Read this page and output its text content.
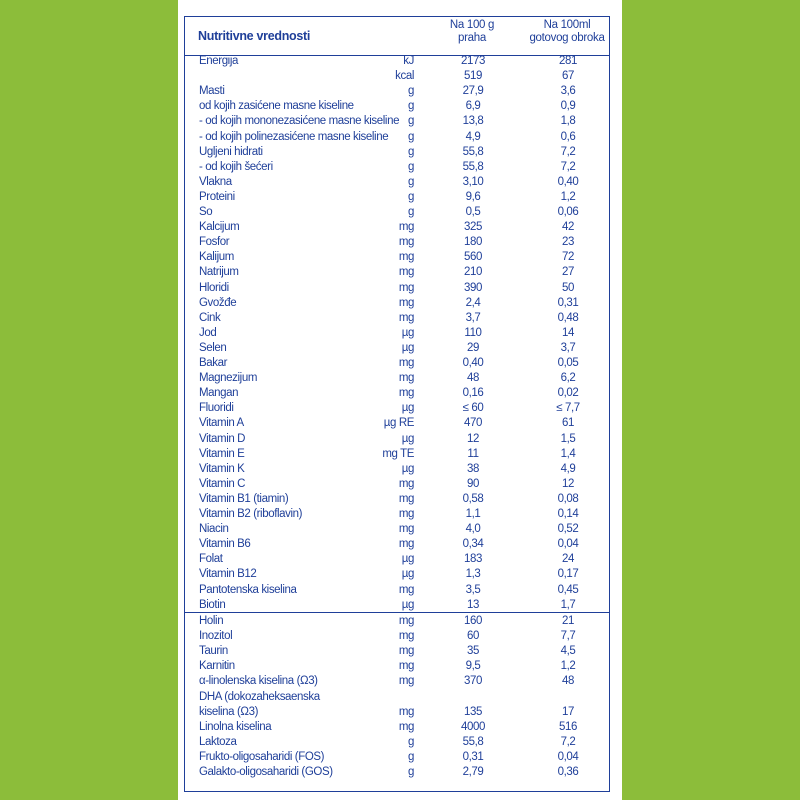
Nutritivne vrednosti
Na 100 g
praha
Na 100ml
gotovog obroka
Energija	kJ	2173	281
kcal	519	67
Masti	g	27,9	3,6
od kojih zasićene masne kiseline	g	6,9	0,9
- od kojih mononezasićene masne kiseline g	13,8	1,8
- od kojih polinezasićene masne kiseline g	4,9	0,6
Ugljeni hidrati	g	55,8	7,2
- od kojih šećeri	g	55,8	7,2
Vlakna	g	3,10	0,40
Proteini	g	9,6	1,2
So	g	0,5	0,06
Kalcijum	mg	325	42
Fosfor	mg	180	23
Kalijum	mg	560	72
Natrijum	mg	210	27
Hloridi	mg	390	50
Gvožđe	mg	2,4	0,31
Cink	mg	3,7	0,48
Jod	µg	110	14
Selen	µg	29	3,7
Bakar	mg	0,40	0,05
Magnezijum	mg	48	6,2
Mangan	mg	0,16	0,02
Fluoridi	µg	≤ 60	≤ 7,7
Vitamin A	µg RE	470	61
Vitamin D	µg	12	1,5
Vitamin E	mg TE	11	1,4
Vitamin K	µg	38	4,9
Vitamin C	mg	90	12
Vitamin B1 (tiamin)	mg	0,58	0,08
Vitamin B2 (riboflavin)	mg	1,1	0,14
Niacin	mg	4,0	0,52
Vitamin B6	mg	0,34	0,04
Folat	µg	183	24
Vitamin B12	µg	1,3	0,17
Pantotenska kiselina	mg	3,5	0,45
Biotin	µg	13	1,7
Holin	mg	160	21
Inozitol	mg	60	7,7
Taurin	mg	35	4,5
Karnitin	mg	9,5	1,2
α-linolenska kiselina (Ω3)	mg	370	48
DHA (dokozaheksaenska
kiselina (Ω3)	mg	135	17
Linolna kiselina	mg	4000	516
Laktoza	g	55,8	7,2
Frukto-oligosaharidi (FOS)	g	0,31	0,04
Galakto-oligosaharidi (GOS)	g	2,79	0,36
